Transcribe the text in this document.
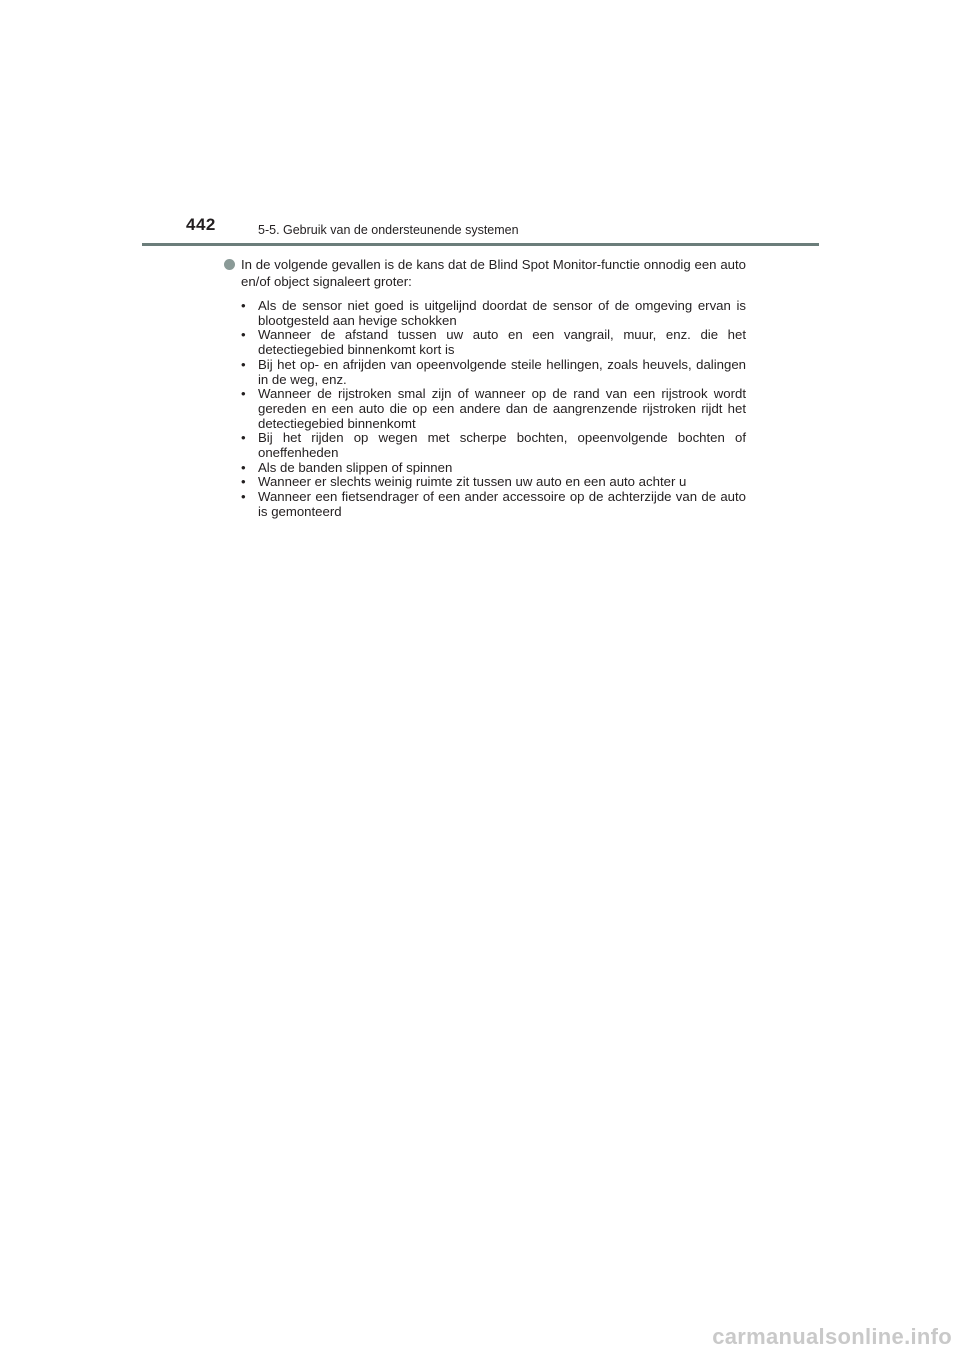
442	5-5. Gebruik van de ondersteunende systemen
In de volgende gevallen is de kans dat de Blind Spot Monitor-functie onnodig een auto en/of object signaleert groter:
• Als de sensor niet goed is uitgelijnd doordat de sensor of de omgeving ervan is blootgesteld aan hevige schokken
• Wanneer de afstand tussen uw auto en een vangrail, muur, enz. die het detectiegebied binnenkomt kort is
• Bij het op- en afrijden van opeenvolgende steile hellingen, zoals heuvels, dalingen in de weg, enz.
• Wanneer de rijstroken smal zijn of wanneer op de rand van een rijstrook wordt gereden en een auto die op een andere dan de aangrenzende rijstroken rijdt het detectiegebied binnenkomt
• Bij het rijden op wegen met scherpe bochten, opeenvolgende bochten of oneffenheden
• Als de banden slippen of spinnen
• Wanneer er slechts weinig ruimte zit tussen uw auto en een auto achter u
• Wanneer een fietsendrager of een ander accessoire op de achterzijde van de auto is gemonteerd
carmanualsonline.info
